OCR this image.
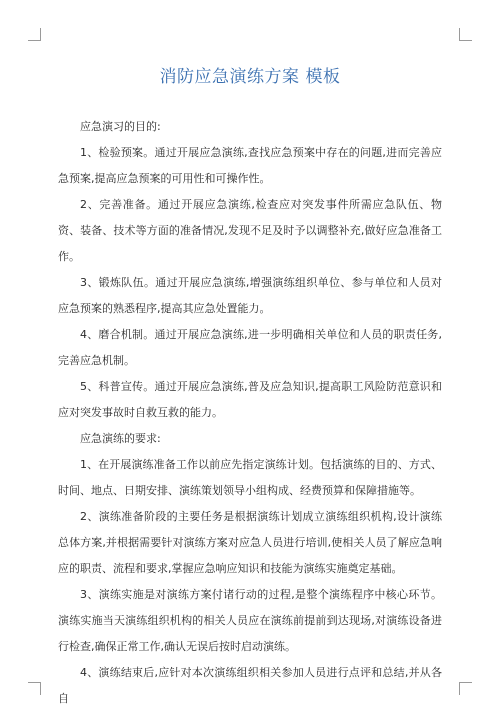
消防应急演练方案 模板

应急演习的目的:

1、检验预案。通过开展应急演练,查找应急预案中存在的问题,进而完善应急预案,提高应急预案的可用性和可操作性。

2、完善准备。通过开展应急演练,检查应对突发事件所需应急队伍、物资、装备、技术等方面的准备情况,发现不足及时予以调整补充,做好应急准备工作。

3、锻炼队伍。通过开展应急演练,增强演练组织单位、参与单位和人员对应急预案的熟悉程序,提高其应急处置能力。

4、磨合机制。通过开展应急演练,进一步明确相关单位和人员的职责任务,完善应急机制。

5、科普宣传。通过开展应急演练,普及应急知识,提高职工风险防范意识和应对突发事故时自救互救的能力。

应急演练的要求:

1、在开展演练准备工作以前应先指定演练计划。包括演练的目的、方式、时间、地点、日期安排、演练策划领导小组构成、经费预算和保障措施等。

2、演练准备阶段的主要任务是根据演练计划成立演练组织机构,设计演练总体方案,并根据需要针对演练方案对应急人员进行培训,使相关人员了解应急响应的职责、流程和要求,掌握应急响应知识和技能为演练实施奠定基础。

3、演练实施是对演练方案付诸行动的过程,是整个演练程序中核心环节。演练实施当天演练组织机构的相关人员应在演练前提前到达现场,对演练设备进行检查,确保正常工作,确认无误后按时启动演练。

4、演练结束后,应针对本次演练组织相关参加人员进行点评和总结,并从各自
